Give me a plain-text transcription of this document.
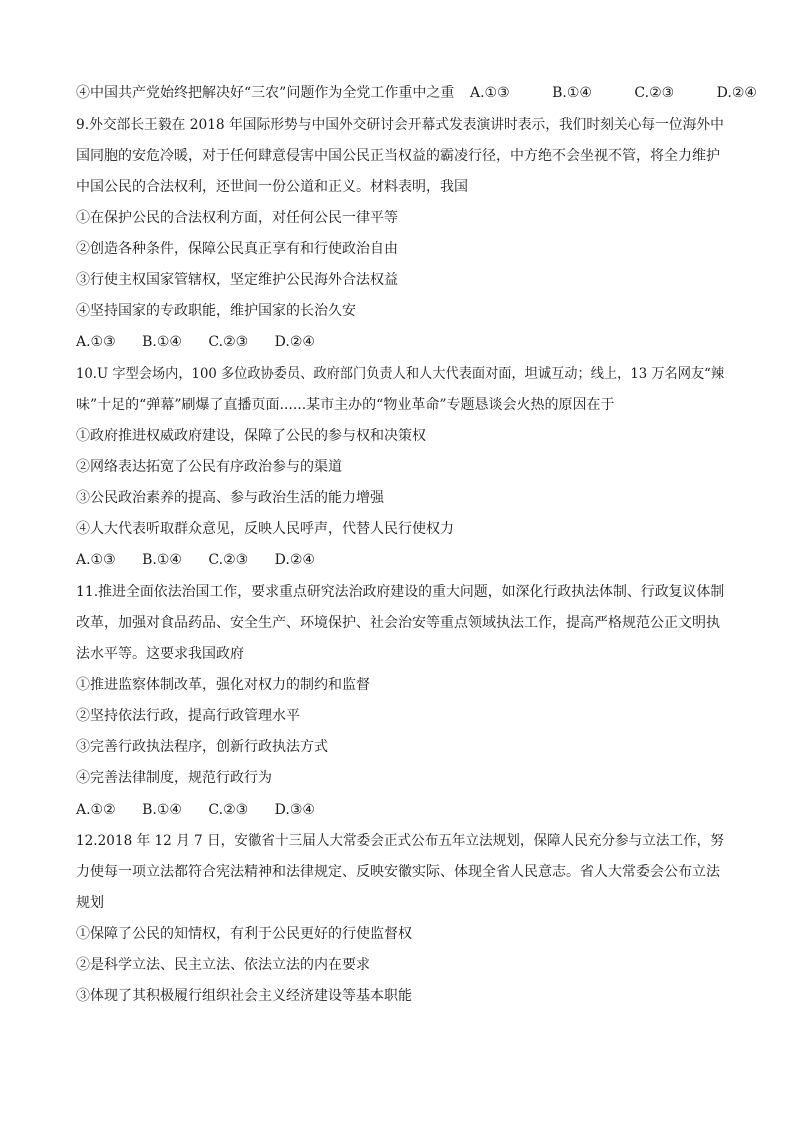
④中国共产党始终把解决好“三农”问题作为全党工作重中之重 A.①③	B.①④	C.②③	D.②④
9.外交部长王毅在 2018 年国际形势与中国外交研讨会开幕式发表演讲时表示，我们时刻关心每一位海外中
国同胞的安危冷暖，对于任何肆意侵害中国公民正当权益的霸凌行径，中方绝不会坐视不管，将全力维护
中国公民的合法权利，还世间一份公道和正义。材料表明，我国
①在保护公民的合法权利方面，对任何公民一律平等
②创造各种条件，保障公民真正享有和行使政治自由
③行使主权国家管辖权，坚定维护公民海外合法权益
④坚持国家的专政职能，维护国家的长治久安
A.①③ B.①④ C.②③ D.②④
10.U 字型会场内，100 多位政协委员、政府部门负责人和人大代表面对面，坦诚互动；线上，13 万名网友“辣
味”十足的“弹幕”刷爆了直播页面......某市主办的“物业革命”专题恳谈会火热的原因在于
①政府推进权威政府建设，保障了公民的参与权和决策权
②网络表达拓宽了公民有序政治参与的渠道
③公民政治素养的提高、参与政治生活的能力增强
④人大代表听取群众意见，反映人民呼声，代替人民行使权力
A.①③ B.①④ C.②③ D.②④
11.推进全面依法治国工作，要求重点研究法治政府建设的重大问题，如深化行政执法体制、行政复议体制
改革，加强对食品药品、安全生产、环境保护、社会治安等重点领域执法工作，提高严格规范公正文明执
法水平等。这要求我国政府
①推进监察体制改革，强化对权力的制约和监督
②坚持依法行政，提高行政管理水平
③完善行政执法程序，创新行政执法方式
④完善法律制度，规范行政行为
A.①② B.①④ C.②③ D.③④
12.2018 年 12 月 7 日，安徽省十三届人大常委会正式公布五年立法规划，保障人民充分参与立法工作，努
力使每一项立法都符合宪法精神和法律规定、反映安徽实际、体现全省人民意志。省人大常委会公布立法
规划
①保障了公民的知情权，有利于公民更好的行使监督权
②是科学立法、民主立法、依法立法的内在要求
③体现了其积极履行组织社会主义经济建设等基本职能
